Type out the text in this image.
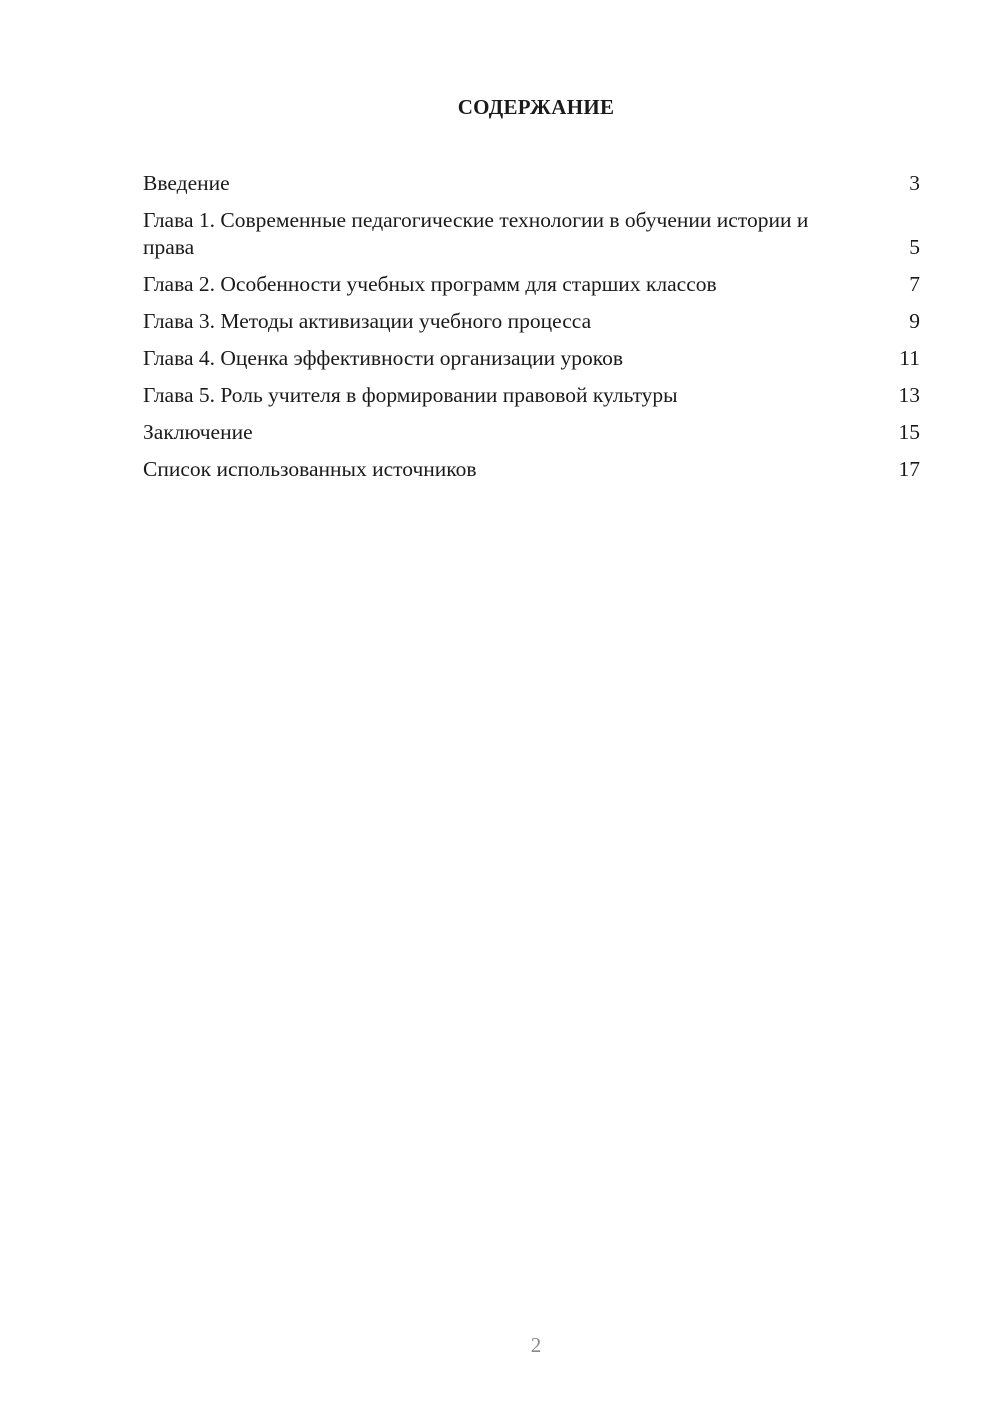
СОДЕРЖАНИЕ
Введение	3
Глава 1. Современные педагогические технологии в обучении истории и права	5
Глава 2. Особенности учебных программ для старших классов	7
Глава 3. Методы активизации учебного процесса	9
Глава 4. Оценка эффективности организации уроков	11
Глава 5. Роль учителя в формировании правовой культуры	13
Заключение	15
Список использованных источников	17
2
